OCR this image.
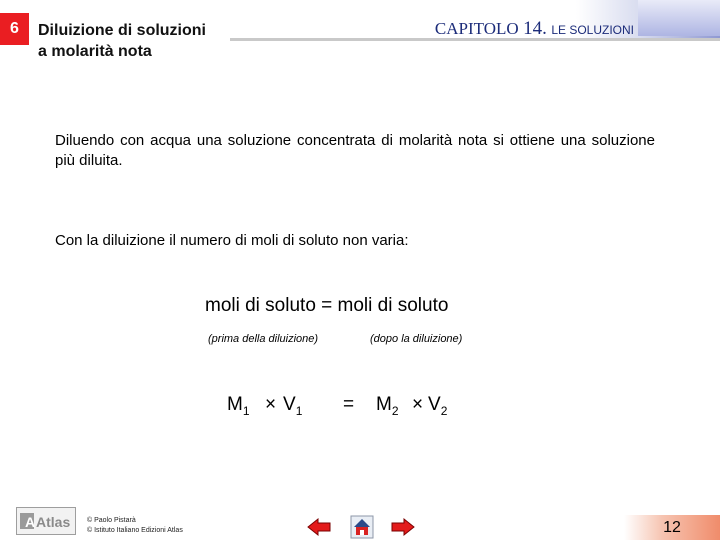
6	Diluizione di soluzioni
a molarità nota
CAPITOLO 14. LE SOLUZIONI
Diluendo con acqua una soluzione concentrata di molarità nota si ottiene una soluzione più diluita.
Con la diluizione il numero di moli di soluto non varia:
moli di soluto = moli di soluto
(prima della diluizione)	(dopo la diluizione)
$M_1 \times V_1 = M_2 \times V_2$
A Atlas © Paolo Pistarà
© Istituto Italiano Edizioni Atlas	12
